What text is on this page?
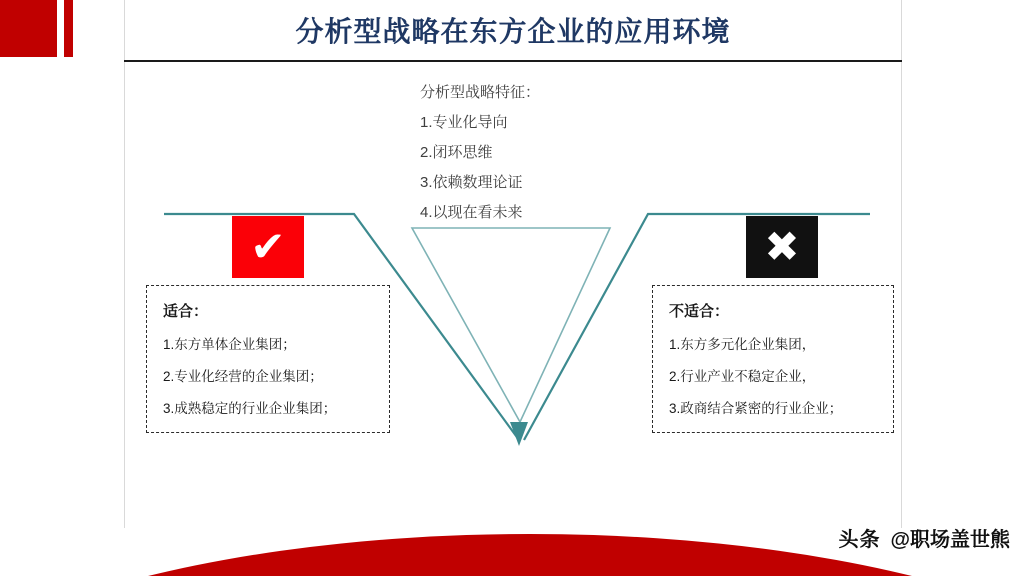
分析型战略在东方企业的应用环境
分析型战略特征：
1.专业化导向
2.闭环思维
3.依赖数理论证
4.以现在看未来
✔	✖
适合：

1.东方单体企业集团；

2.专业化经营的企业集团；

3.成熟稳定的行业企业集团；

不适合：

1.东方多元化企业集团，

2.行业产业不稳定企业，

3.政商结合紧密的行业企业；

头条 @职场盖世熊
